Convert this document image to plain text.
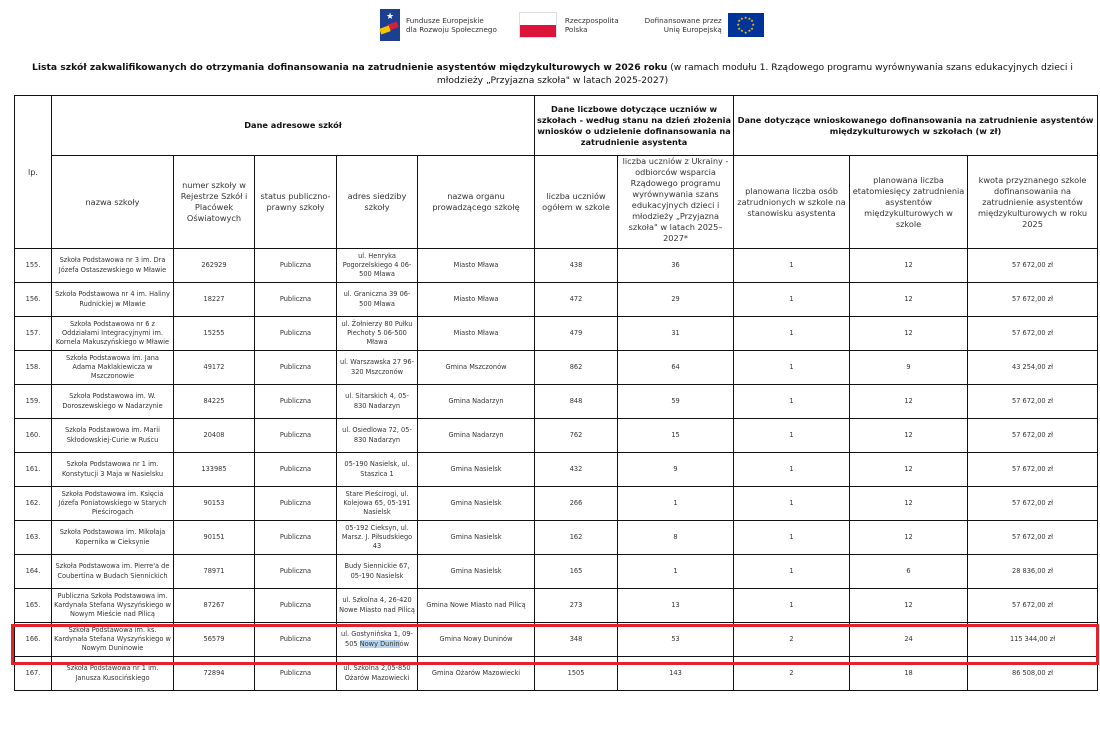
★ Fundusze Europejskie
dla Rozwoju Społecznego
Rzeczpospolita
Polska
Dofinansowane przez
Unię Europejską
★
★
★
★
★
★
★
★
★ ★ ★
★
Lista szkół zakwalifikowanych do otrzymania dofinansowania na zatrudnienie asystentów międzykulturowych w 2026 roku (w ramach modułu 1. Rządowego programu wyrównywania szans edukacyjnych dzieci i młodzieży „Przyjazna szkoła" w latach 2025-2027)
lp.	Dane adresowe szkół					Dane liczbowe dotyczące uczniów w szkołach - według stanu na dzień złożenia wniosków o udzielenie dofinansowania na zatrudnienie asystenta		Dane dotyczące wnioskowanego dofinansowania na zatrudnienie asystentów międzykulturowych w szkołach (w zł)		
	nazwa szkoły	numer szkoły w Rejestrze Szkół i Placówek Oświatowych	status publiczno-prawny szkoły	adres siedziby szkoły	nazwa organu prowadzącego szkołę	liczba uczniów ogółem w szkole	liczba uczniów z Ukrainy - odbiorców wsparcia Rządowego programu wyrównywania szans edukacyjnych dzieci i młodzieży „Przyjazna szkoła" w latach 2025–2027*	planowana liczba osób zatrudnionych w szkole na stanowisku asystenta	planowana liczba etatomiesięcy zatrudnienia asystentów międzykulturowych w szkole	kwota przyznanego szkole dofinansowania na zatrudnienie asystentów międzykulturowych w roku 2025
155.	Szkoła Podstawowa nr 3 im. Dra Józefa Ostaszewskiego w Mławie	262929	Publiczna	ul. Henryka Pogorzelskiego 4 06-500 Mława	Miasto Mława	438	36	1	12	57 672,00 zł
156.	Szkoła Podstawowa nr 4 im. Haliny Rudnickiej w Mławie	18227	Publiczna	ul. Graniczna 39 06-500 Mława	Miasto Mława	472	29	1	12	57 672,00 zł
157.	Szkoła Podstawowa nr 6 z Oddziałami Integracyjnymi im. Kornela Makuszyńskiego w Mławie	15255	Publiczna	ul. Żołnierzy 80 Pułku Piechoty 5 06-500 Mława	Miasto Mława	479	31	1	12	57 672,00 zł
158.	Szkoła Podstawowa im. Jana Adama Maklakiewicza w Mszczonowie	49172	Publiczna	ul. Warszawska 27 96-320 Mszczonów	Gmina Mszczonów	862	64	1	9	43 254,00 zł
159.	Szkoła Podstawowa im. W. Doroszewskiego w Nadarzynie	84225	Publiczna	ul. Sitarskich 4, 05-830 Nadarzyn	Gmina Nadarzyn	848	59	1	12	57 672,00 zł
160.	Szkoła Podstawowa im. Marii Skłodowskiej-Curie w Ruścu	20408	Publiczna	ul. Osiedlowa 72, 05-830 Nadarzyn	Gmina Nadarzyn	762	15	1	12	57 672,00 zł
161.	Szkoła Podstawowa nr 1 im. Konstytucji 3 Maja w Nasielsku	133985	Publiczna	05-190 Nasielsk, ul. Staszica 1	Gmina Nasielsk	432	9	1	12	57 672,00 zł
162.	Szkoła Podstawowa im. Księcia Józefa Poniatowskiego w Starych Pieścirogach	90153	Publiczna	Stare Pieścirogi, ul. Kolejowa 65, 05-191 Nasielsk	Gmina Nasielsk	266	1	1	12	57 672,00 zł
163.	Szkoła Podstawowa im. Mikołaja Kopernika w Cieksynie	90151	Publiczna	05-192 Cieksyn, ul. Marsz. J. Piłsudskiego 43	Gmina Nasielsk	162	8	1	12	57 672,00 zł
164.	Szkoła Podstawowa im. Pierre'a de Coubertina w Budach Siennickich	78971	Publiczna	Budy Siennickie 67, 05-190 Nasielsk	Gmina Nasielsk	165	1	1	6	28 836,00 zł
165.	Publiczna Szkoła Podstawowa im. Kardynała Stefana Wyszyńskiego w Nowym Mieście nad Pilicą	87267	Publiczna	ul. Szkolna 4, 26-420 Nowe Miasto nad Pilicą	Gmina Nowe Miasto nad Pilicą	273	13	1	12	57 672,00 zł
166.	Szkoła Podstawowa im. ks. Kardynała Stefana Wyszyńskiego w Nowym Duninowie	56579	Publiczna	ul. Gostynińska 1, 09-505 Nowy Duninów	Gmina Nowy Duninów	348	53	2	24	115 344,00 zł
167.	Szkoła Podstawowa nr 1 im. Janusza Kusocińskiego	72894	Publiczna	ul. Szkolna 2,05-850 Ożarów Mazowiecki	Gmina Ożarów Mazowiecki	1505	143	2	18	86 508,00 zł
